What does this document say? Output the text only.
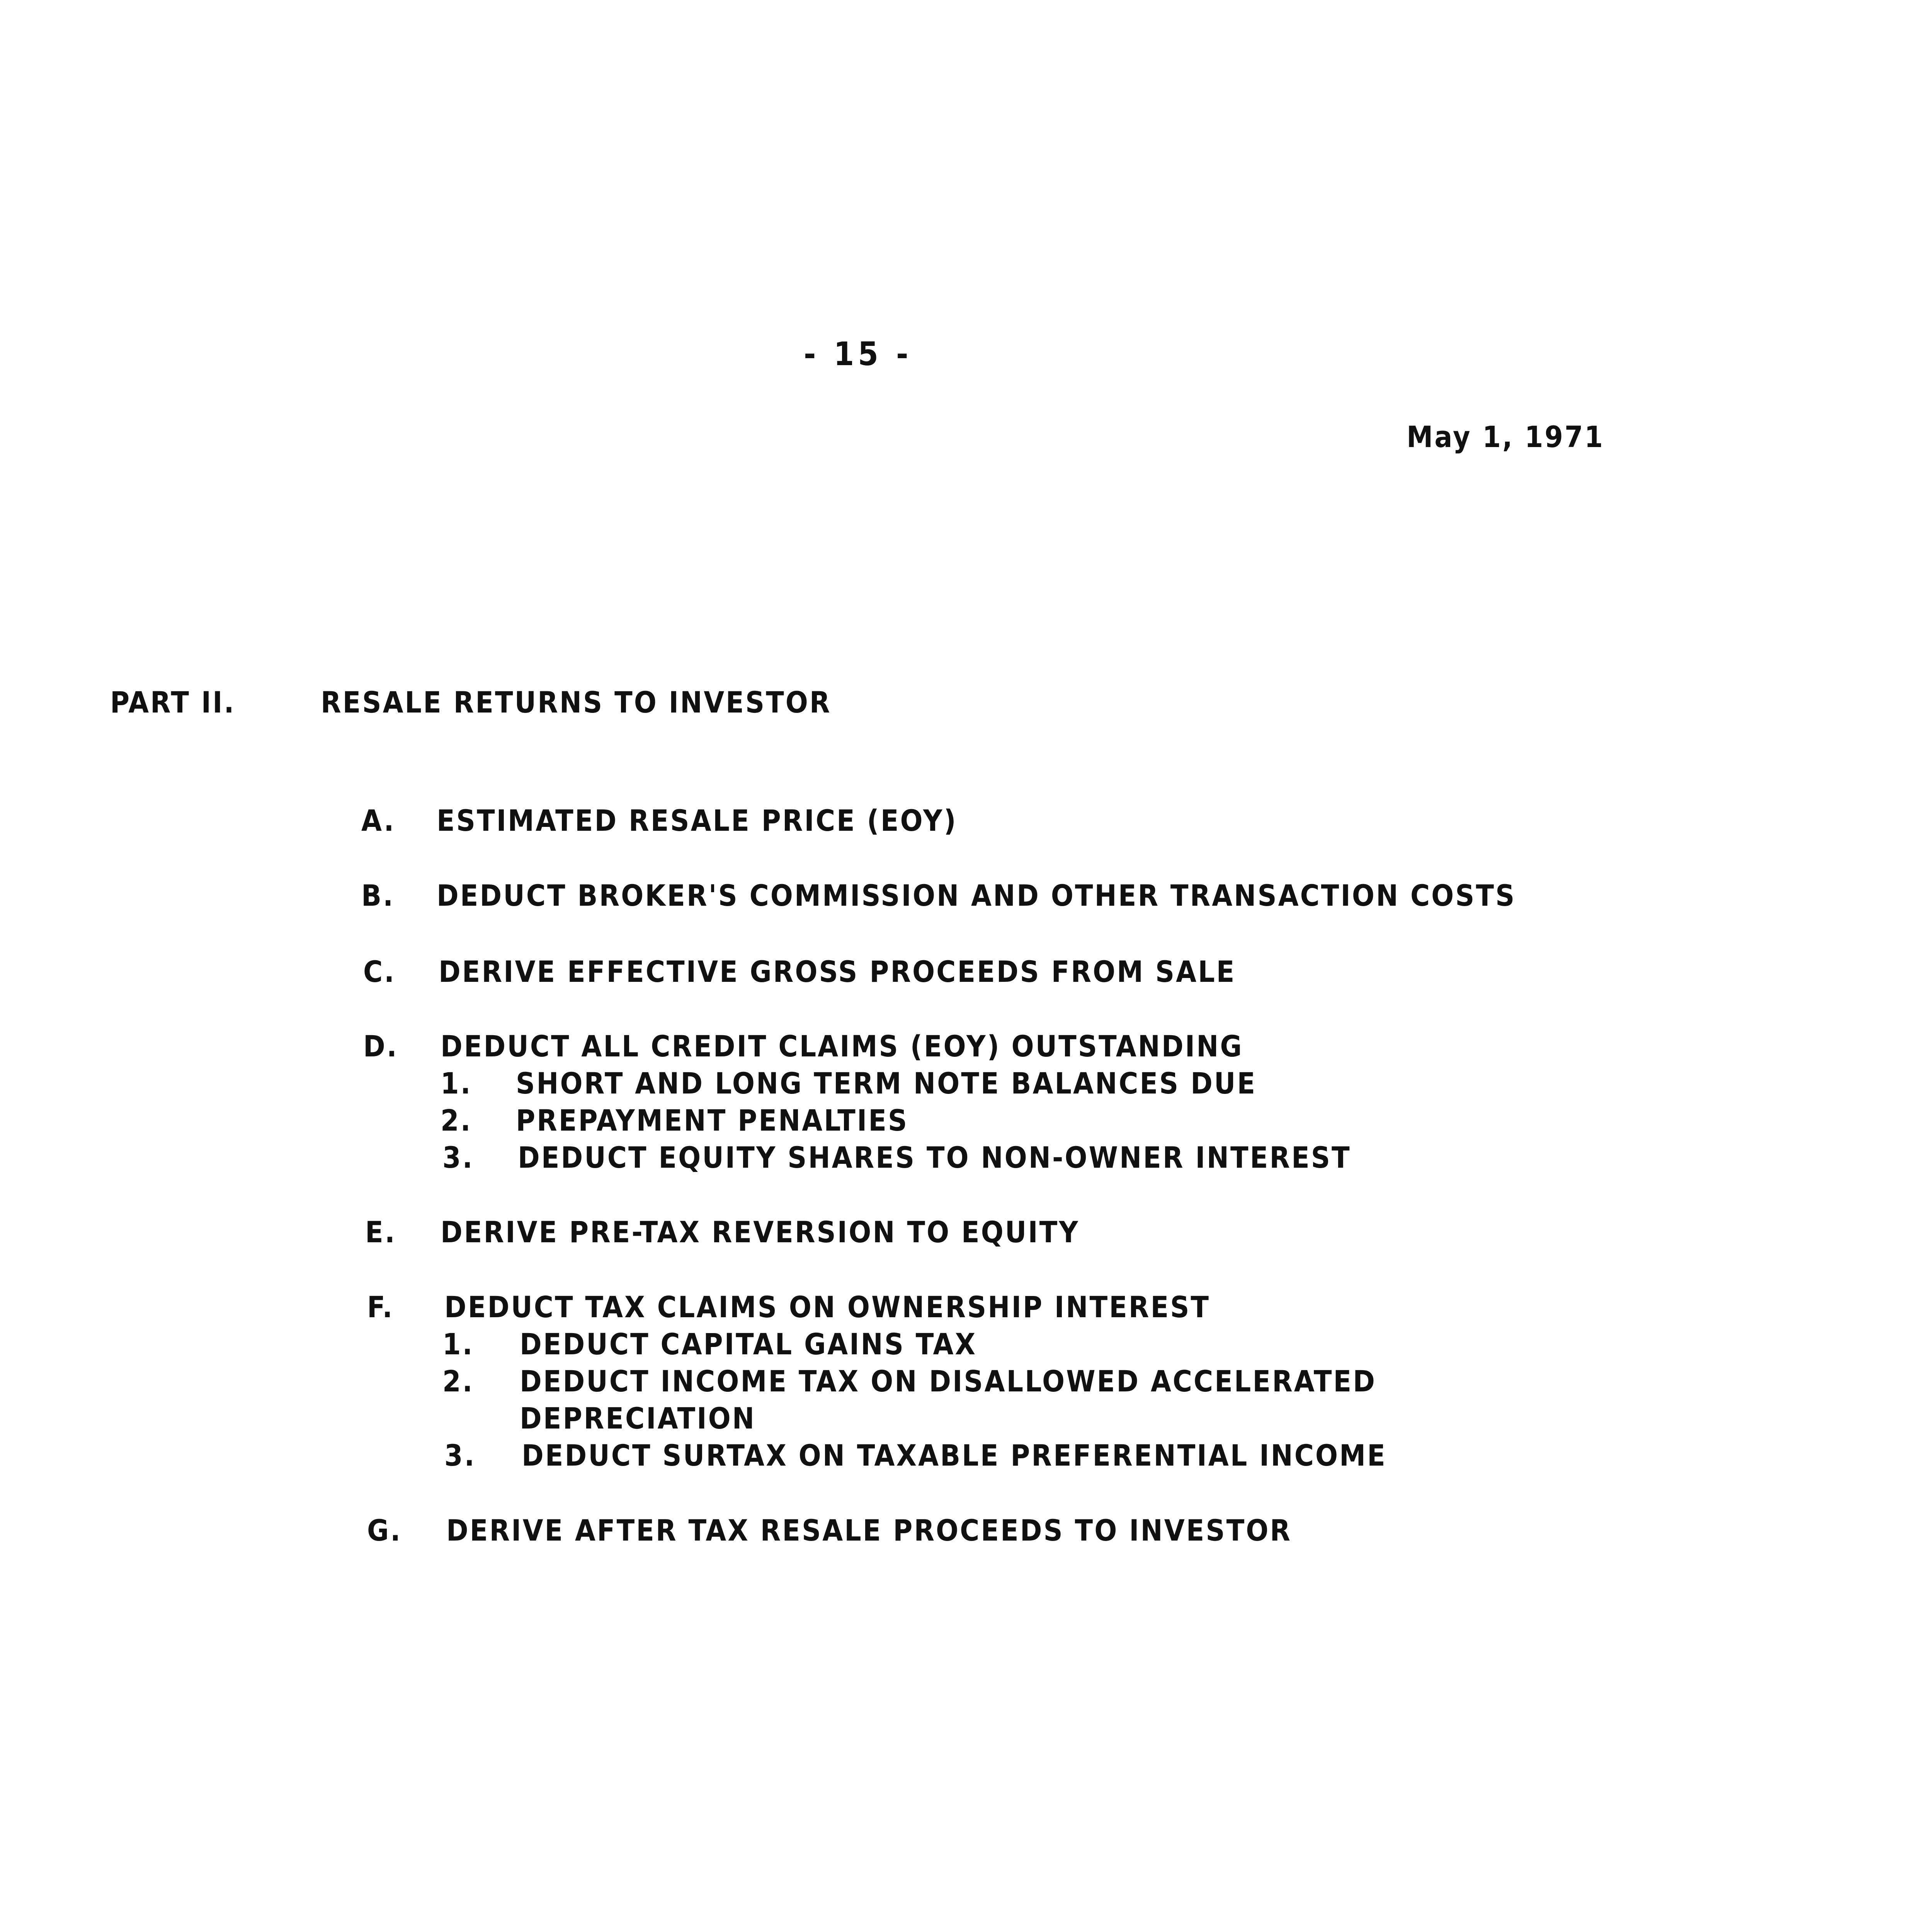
- 15 -
May 1, 1971
PART II.	RESALE RETURNS TO INVESTOR
A. ESTIMATED RESALE PRICE (EOY)
B. DEDUCT BROKER'S COMMISSION AND OTHER TRANSACTION COSTS
C. DERIVE EFFECTIVE GROSS PROCEEDS FROM SALE
D. DEDUCT ALL CREDIT CLAIMS (EOY) OUTSTANDING
1. SHORT AND LONG TERM NOTE BALANCES DUE
2. PREPAYMENT PENALTIES
3. DEDUCT EQUITY SHARES TO NON-OWNER INTEREST
E. DERIVE PRE-TAX REVERSION TO EQUITY
F. DEDUCT TAX CLAIMS ON OWNERSHIP INTEREST
1. DEDUCT CAPITAL GAINS TAX
2. DEDUCT INCOME TAX ON DISALLOWED ACCELERATED
DEPRECIATION
3. DEDUCT SURTAX ON TAXABLE PREFERENTIAL INCOME
G. DERIVE AFTER TAX RESALE PROCEEDS TO INVESTOR
